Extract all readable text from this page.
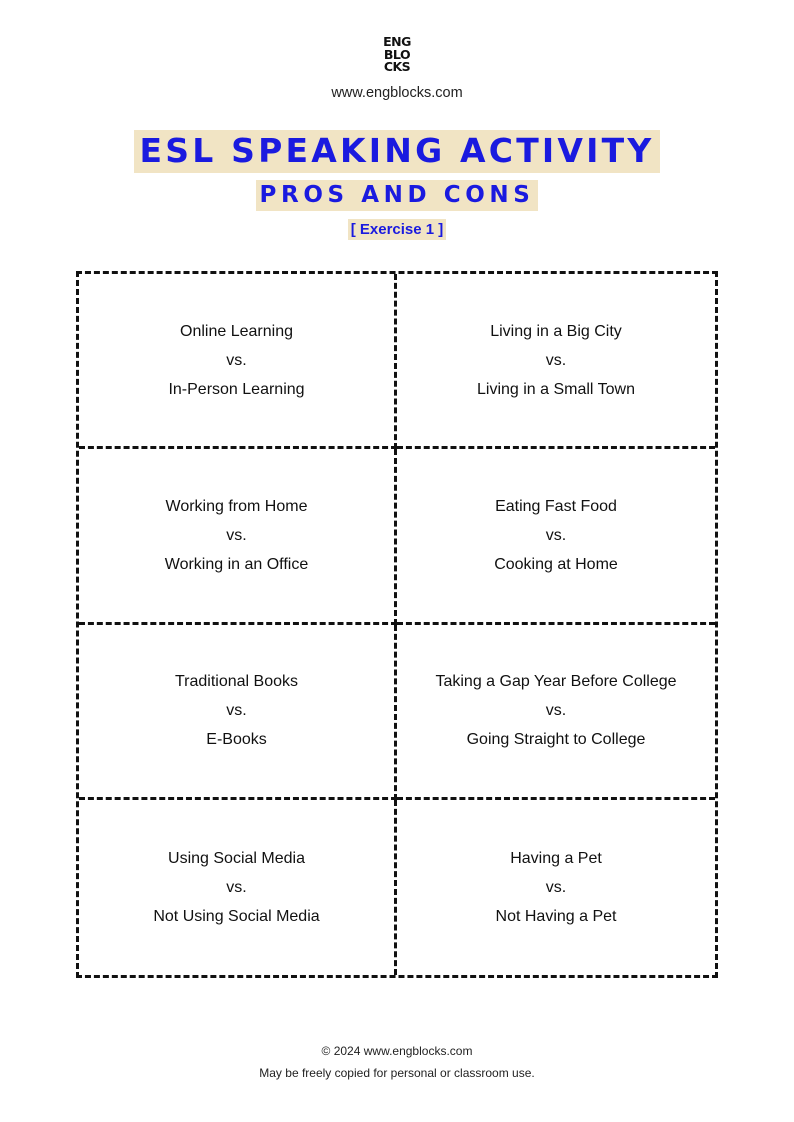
ENG
BLO
CKS
www.engblocks.com
ESL SPEAKING ACTIVITY
PROS AND CONS
[ Exercise 1 ]
Online Learning
vs.
In-Person Learning
Living in a Big City
vs.
Living in a Small Town
Working from Home
vs.
Working in an Office
Eating Fast Food
vs.
Cooking at Home
Traditional Books
vs.
E-Books
Taking a Gap Year Before College
vs.
Going Straight to College
Using Social Media
vs.
Not Using Social Media
Having a Pet
vs.
Not Having a Pet
© 2024 www.engblocks.com
May be freely copied for personal or classroom use.
